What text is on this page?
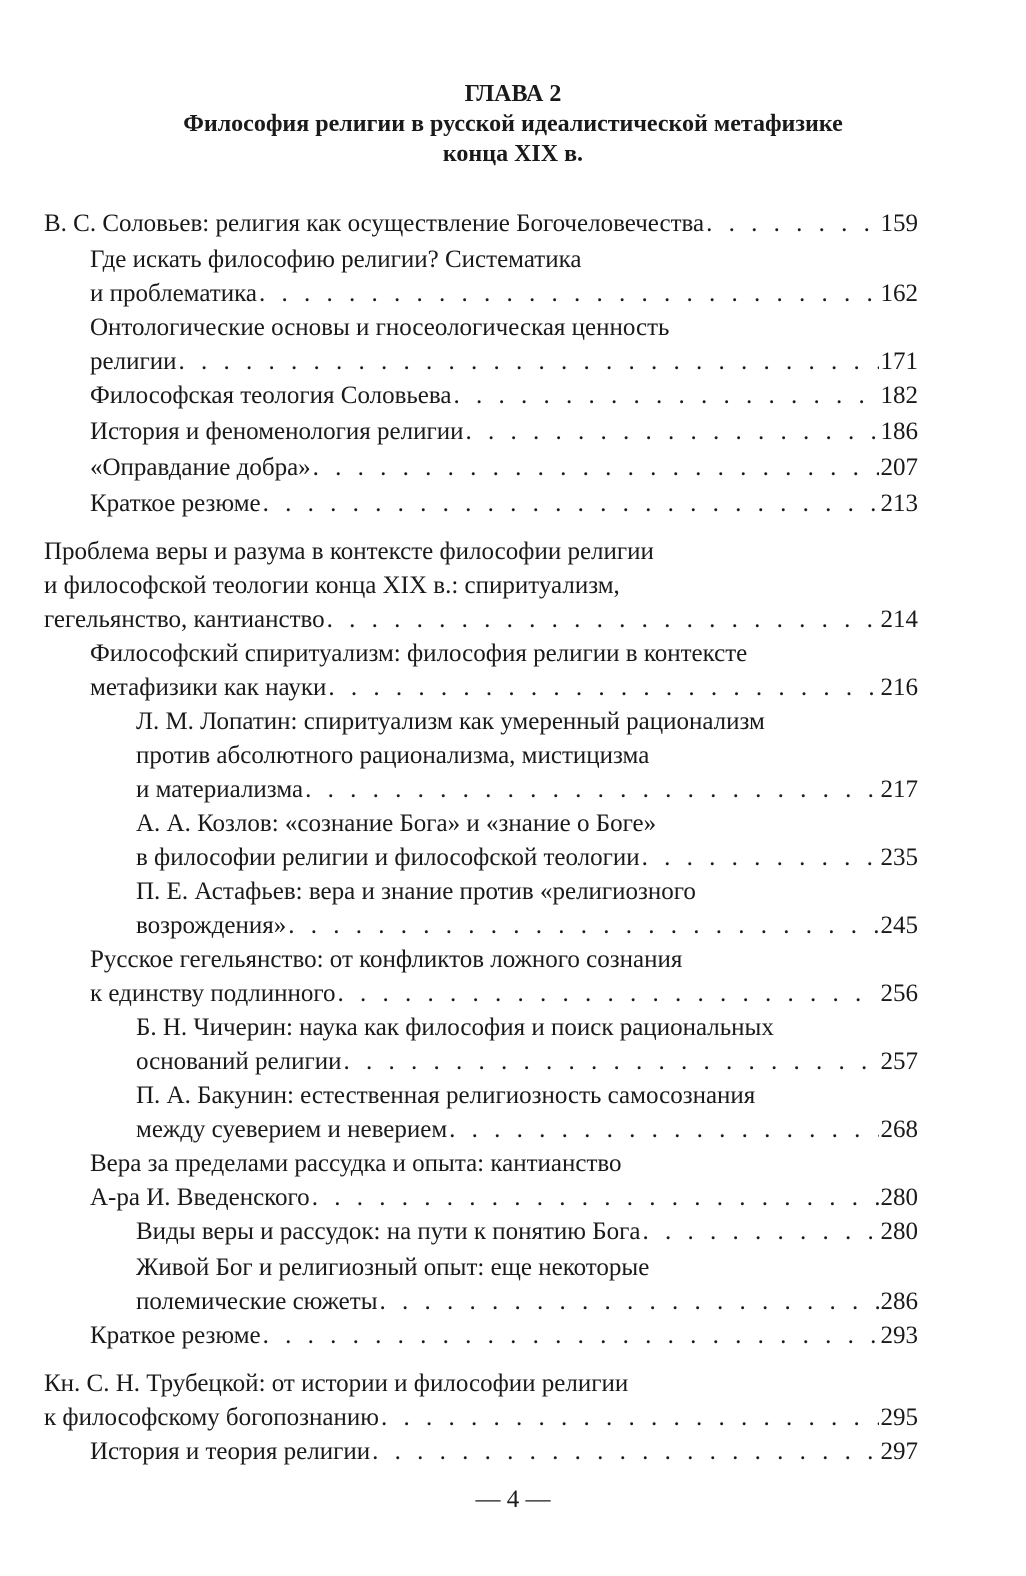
ГЛАВА 2
Философия религии в русской идеалистической метафизике
конца XIX в.
В. С. Соловьев: религия как осуществление Богочеловечества . . .	159
Где искать философию религии? Систематика
и проблематика . . .	162
Онтологические основы и гносеологическая ценность
религии . . .	171
Философская теология Соловьева . . .	182
История и феноменология религии . . .	186
«Оправдание добра» . . .	207
Краткое резюме . . .	213
Проблема веры и разума в контексте философии религии
и философской теологии конца XIX в.: спиритуализм,
гегельянство, кантианство . . .	214
Философский спиритуализм: философия религии в контексте
метафизики как науки . . .	216
Л. М. Лопатин: спиритуализм как умеренный рационализм
против абсолютного рационализма, мистицизма
и материализма . . .	217
А. А. Козлов: «сознание Бога» и «знание о Боге»
в философии религии и философской теологии . . .	235
П. Е. Астафьев: вера и знание против «религиозного
возрождения» . . .	245
Русское гегельянство: от конфликтов ложного сознания
к единству подлинного . . .	256
Б. Н. Чичерин: наука как философия и поиск рациональных
оснований религии . . .	257
П. А. Бакунин: естественная религиозность самосознания
между суеверием и неверием . . .	268
Вера за пределами рассудка и опыта: кантианство
А-ра И. Введенского . . .	280
Виды веры и рассудок: на пути к понятию Бога . . .	280
Живой Бог и религиозный опыт: еще некоторые
полемические сюжеты . . .	286
Краткое резюме . . .	293
Кн. С. Н. Трубецкой: от истории и философии религии
к философскому богопознанию . . .	295
История и теория религии . . .	297
— 4 —
